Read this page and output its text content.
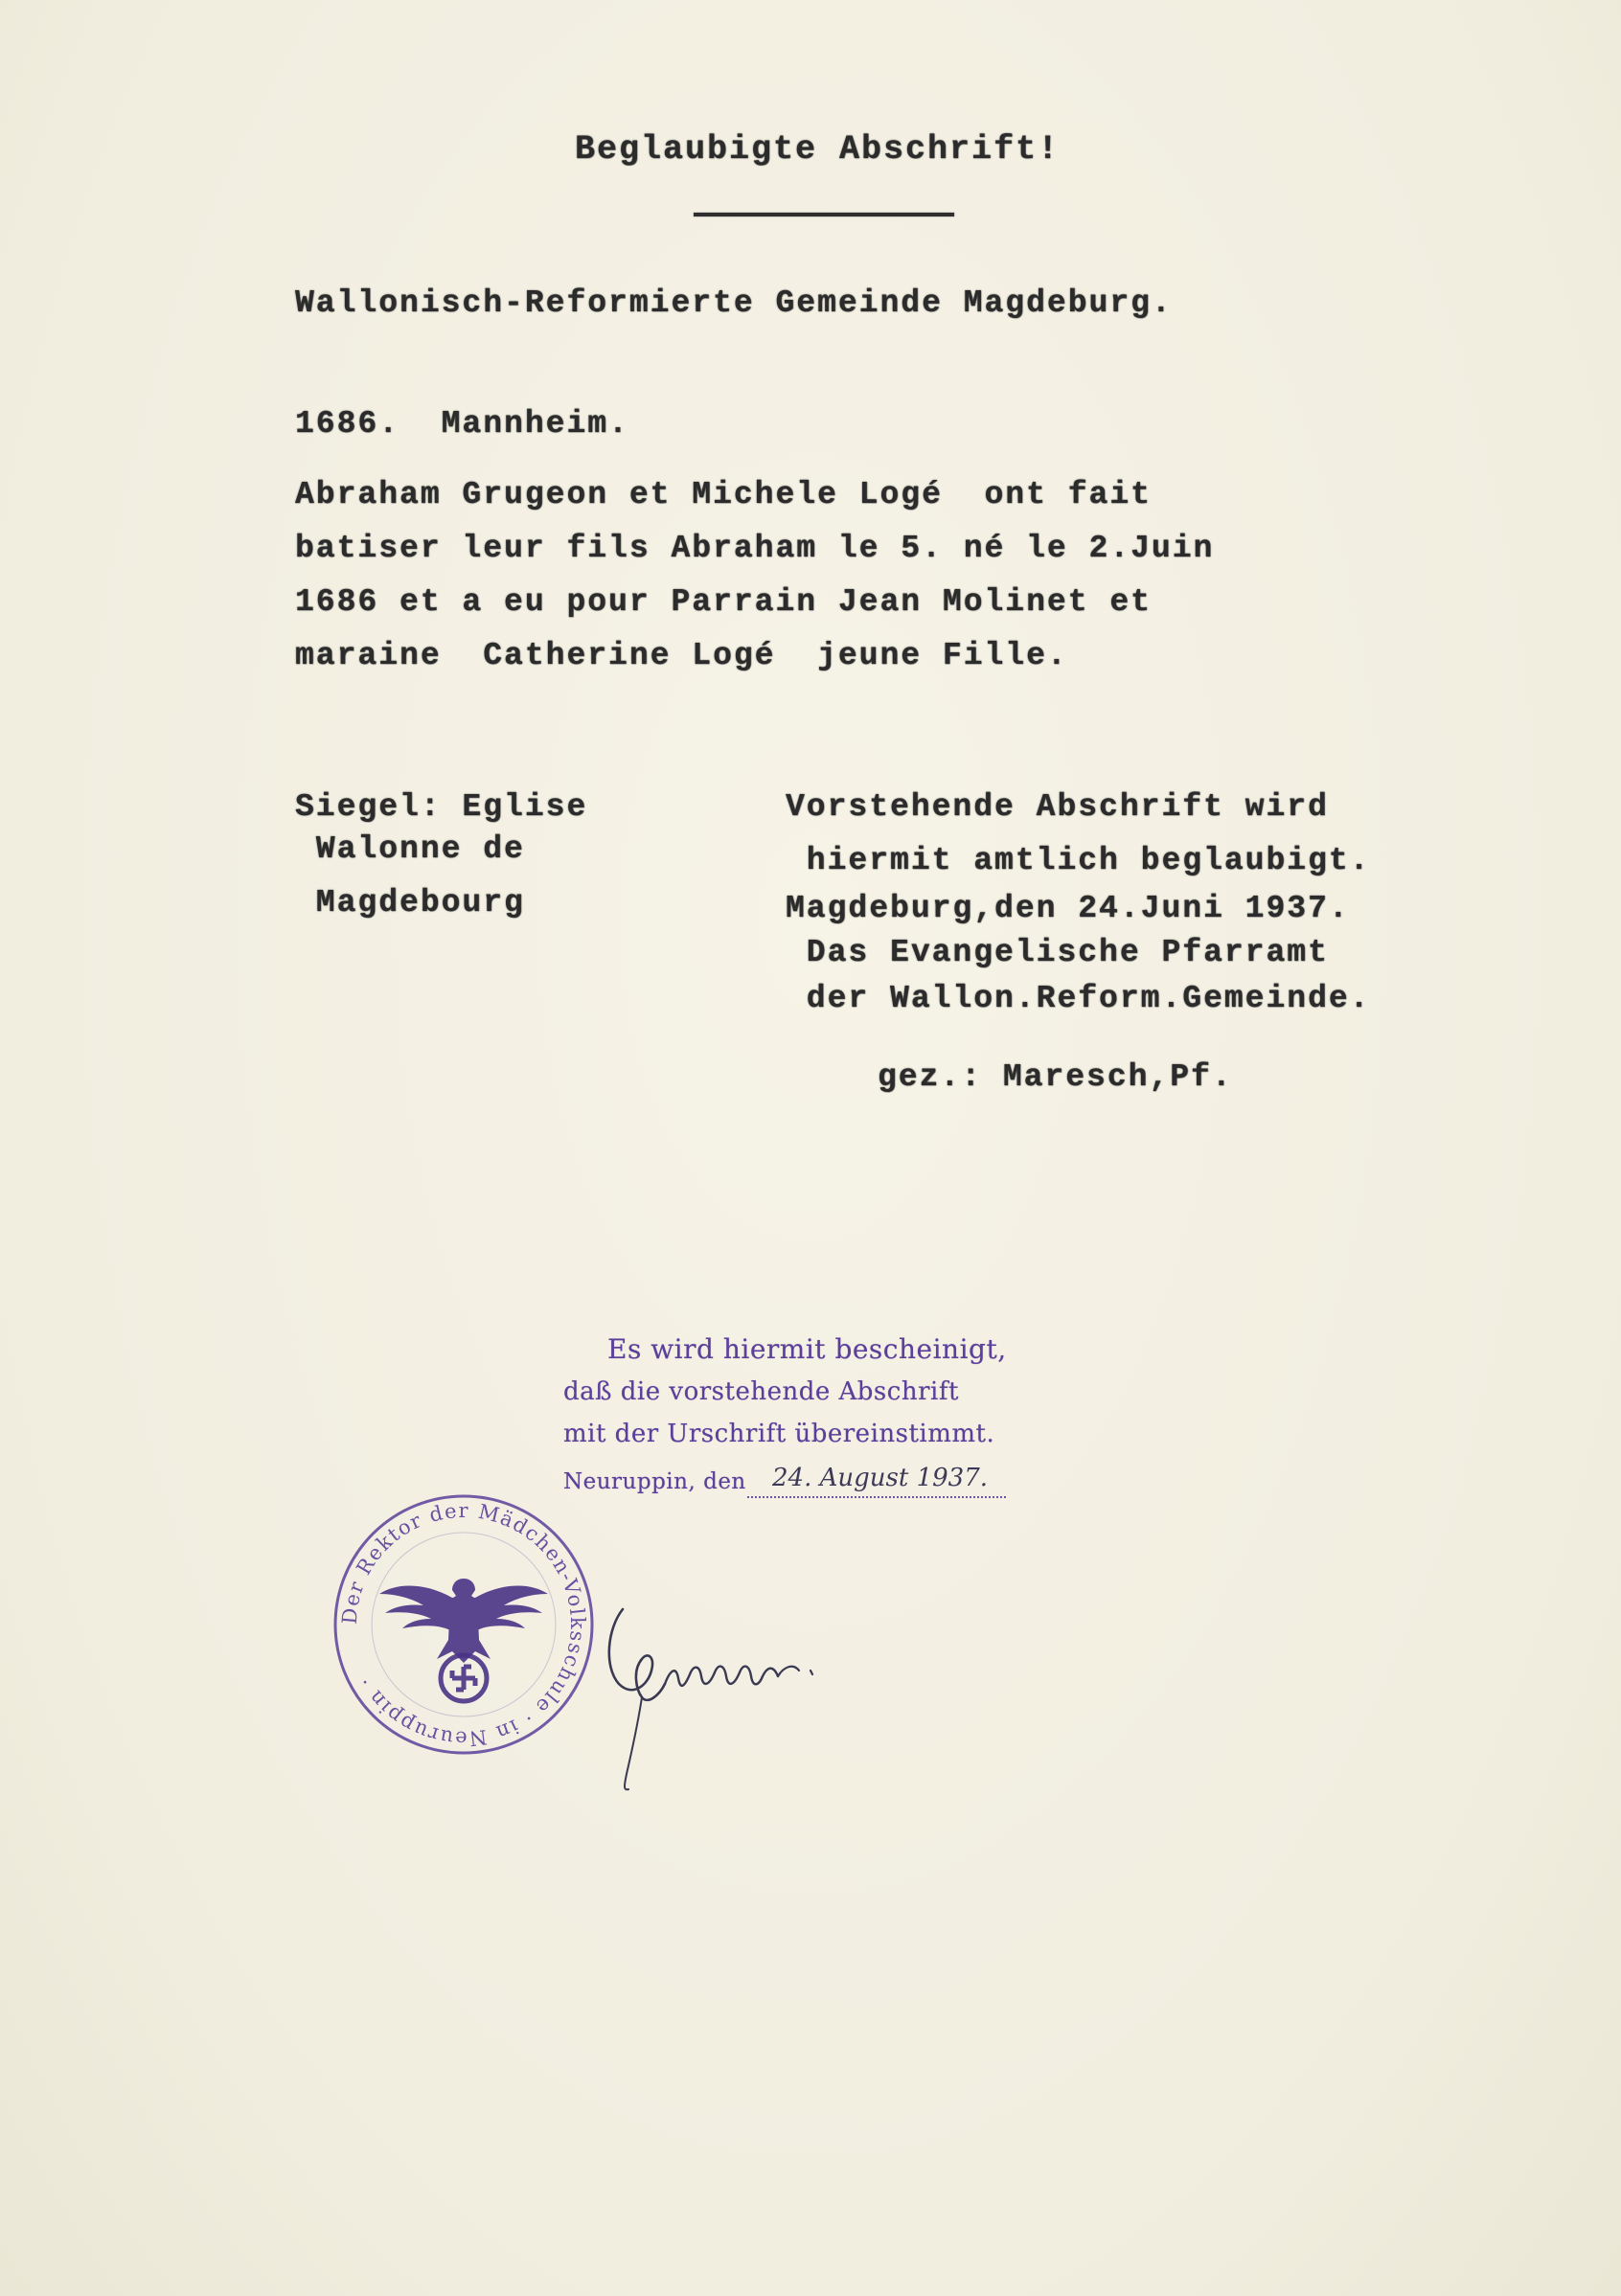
Beglaubigte Abschrift!
Wallonisch-Reformierte Gemeinde Magdeburg.
1686.  Mannheim.
Abraham Grugeon et Michele Logé  ont fait
batiser leur fils Abraham le 5. né le 2.Juin
1686 et a eu pour Parrain Jean Molinet et
maraine  Catherine Logé  jeune Fille.
Siegel: Eglise
Walonne de
Magdebourg
Vorstehende Abschrift wird
hiermit amtlich beglaubigt.
Magdeburg,den 24.Juni 1937.
Das Evangelische Pfarramt
der Wallon.Reform.Gemeinde.
gez.: Maresch,Pf.
Es wird hiermit bescheinigt,
daß die vorstehende Abschrift
mit der Urschrift übereinstimmt.
Neuruppin, den 24. August 1937.
Der Rektor der Mädchen-Volksschule · in Neuruppin ·
